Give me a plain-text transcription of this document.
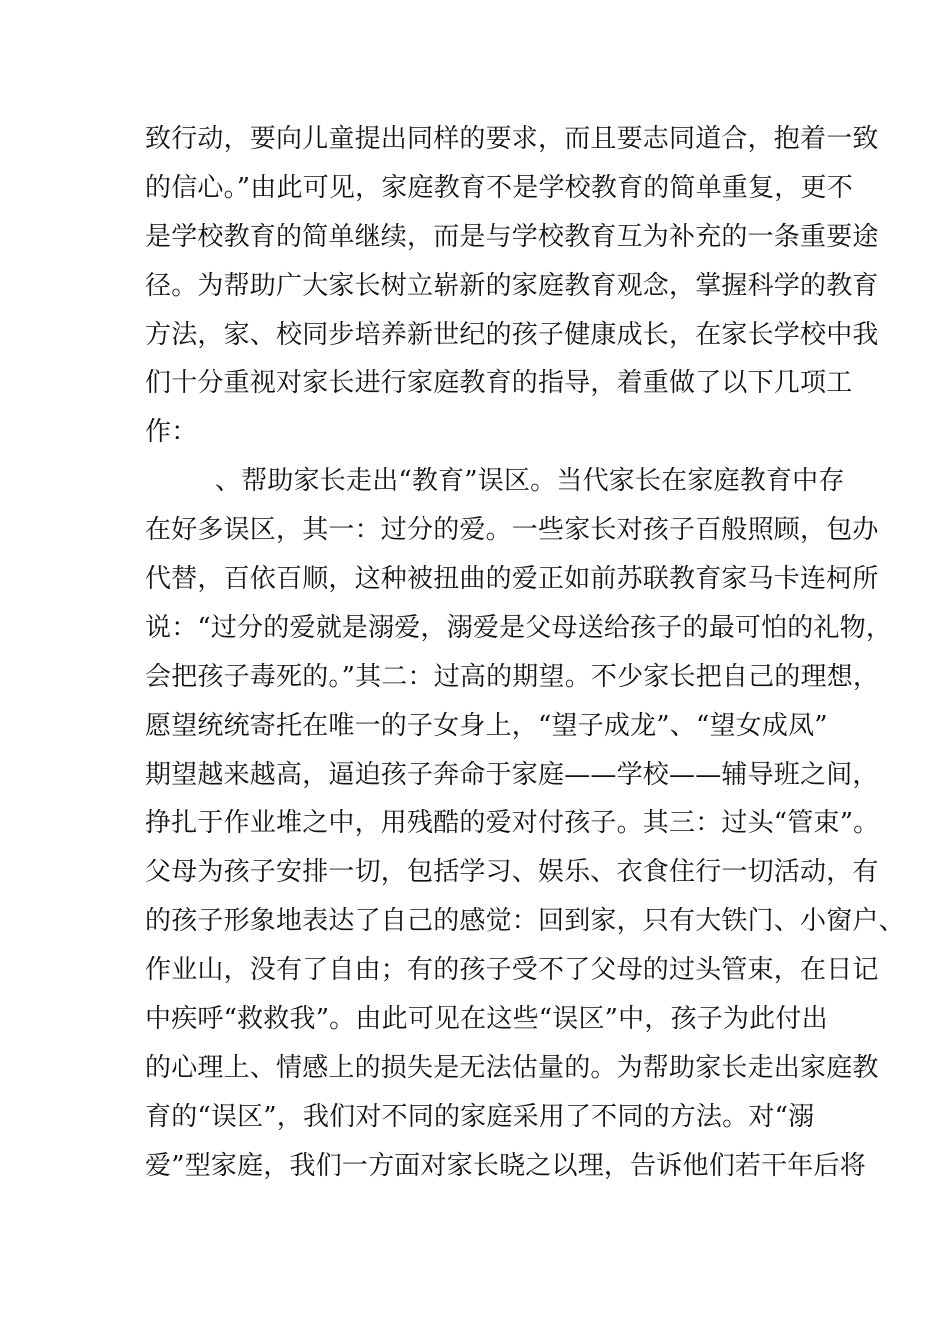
致行动，要向儿童提出同样的要求，而且要志同道合，抱着一致
的信心。”由此可见，家庭教育不是学校教育的简单重复，更不
是学校教育的简单继续，而是与学校教育互为补充的一条重要途
径。为帮助广大家长树立崭新的家庭教育观念，掌握科学的教育
方法，家、校同步培养新世纪的孩子健康成长，在家长学校中我
们十分重视对家长进行家庭教育的指导，着重做了以下几项工
作：
、帮助家长走出“教育”误区。当代家长在家庭教育中存
在好多误区，其一：过分的爱。一些家长对孩子百般照顾，包办
代替，百依百顺，这种被扭曲的爱正如前苏联教育家马卡连柯所
说：“过分的爱就是溺爱，溺爱是父母送给孩子的最可怕的礼物，
会把孩子毒死的。”其二：过高的期望。不少家长把自己的理想，
愿望统统寄托在唯一的子女身上，“望子成龙”、“望女成凤”
期望越来越高，逼迫孩子奔命于家庭——学校——辅导班之间，
挣扎于作业堆之中，用残酷的爱对付孩子。其三：过头“管束”。
父母为孩子安排一切，包括学习、娱乐、衣食住行一切活动，有
的孩子形象地表达了自己的感觉：回到家，只有大铁门、小窗户、
作业山，没有了自由；有的孩子受不了父母的过头管束，在日记
中疾呼“救救我”。由此可见在这些“误区”中，孩子为此付出
的心理上、情感上的损失是无法估量的。为帮助家长走出家庭教
育的“误区”，我们对不同的家庭采用了不同的方法。对“溺
爱”型家庭，我们一方面对家长晓之以理，告诉他们若干年后将
